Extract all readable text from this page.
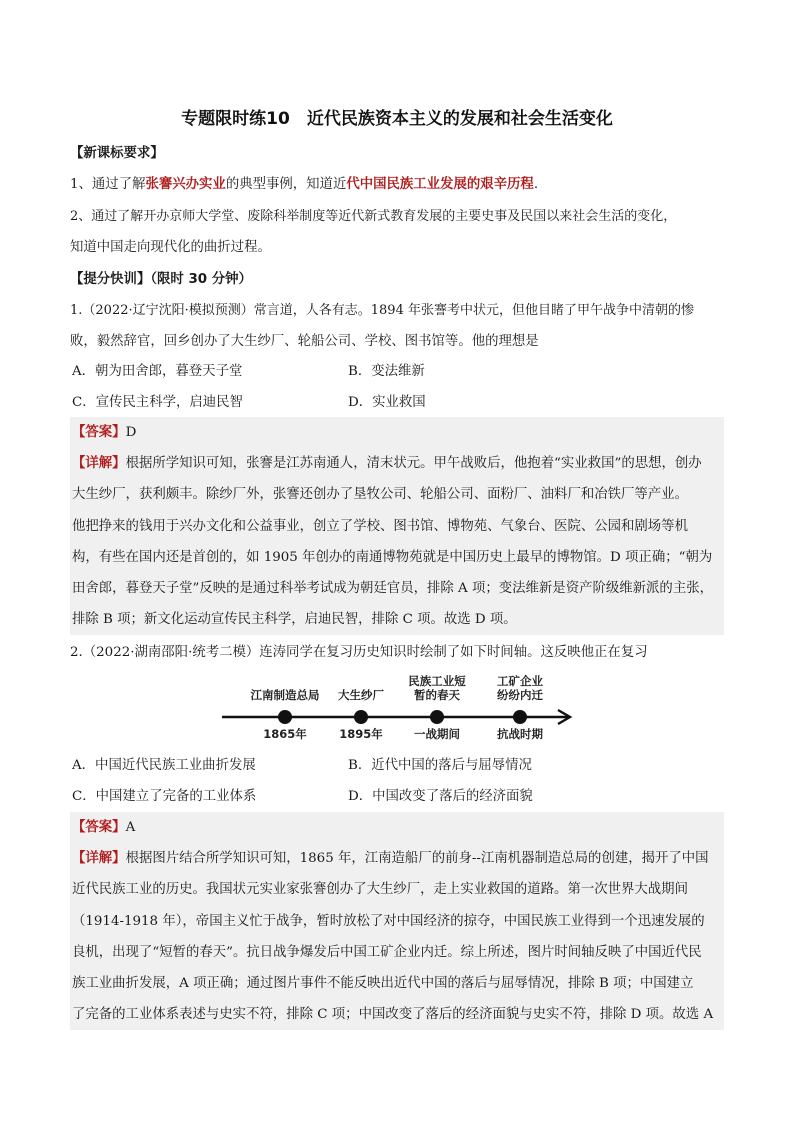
专题限时练10　近代民族资本主义的发展和社会生活变化
【新课标要求】
1、通过了解张謇兴办实业的典型事例，知道近代中国民族工业发展的艰辛历程.
2、通过了解开办京师大学堂、废除科举制度等近代新式教育发展的主要史事及民国以来社会生活的变化，
知道中国走向现代化的曲折过程。
【提分快训】（限时 30 分钟）
1.（2022·辽宁沈阳·模拟预测）常言道，人各有志。1894 年张謇考中状元，但他目睹了甲午战争中清朝的惨
败，毅然辞官，回乡创办了大生纱厂、轮船公司、学校、图书馆等。他的理想是
A．朝为田舍郎，暮登天子堂	B．变法维新
C．宣传民主科学，启迪民智	D．实业救国
【答案】D
【详解】根据所学知识可知，张謇是江苏南通人，清末状元。甲午战败后，他抱着“实业救国”的思想，创办
大生纱厂，获利颇丰。除纱厂外，张謇还创办了垦牧公司、轮船公司、面粉厂、油料厂和冶铁厂等产业。
他把挣来的钱用于兴办文化和公益事业，创立了学校、图书馆、博物苑、气象台、医院、公园和剧场等机
构，有些在国内还是首创的，如 1905 年创办的南通博物苑就是中国历史上最早的博物馆。D 项正确；“朝为
田舍郎，暮登天子堂”反映的是通过科举考试成为朝廷官员，排除 A 项；变法维新是资产阶级维新派的主张，
排除 B 项；新文化运动宣传民主科学，启迪民智，排除 C 项。故选 D 项。
2.（2022·湖南邵阳·统考二模）连涛同学在复习历史知识时绘制了如下时间轴。这反映他正在复习
江南制造总局	大生纱厂
民族工业短
暂的春天
工矿企业
纷纷内迁
1865年	1895年	一战期间	抗战时期
A．中国近代民族工业曲折发展	B．近代中国的落后与屈辱情况
C．中国建立了完备的工业体系	D．中国改变了落后的经济面貌
【答案】A
【详解】根据图片结合所学知识可知，1865 年，江南造船厂的前身--江南机器制造总局的创建，揭开了中国
近代民族工业的历史。我国状元实业家张謇创办了大生纱厂，走上实业救国的道路。第一次世界大战期间
（1914-1918 年），帝国主义忙于战争，暂时放松了对中国经济的掠夺，中国民族工业得到一个迅速发展的
良机，出现了“短暂的春天”。抗日战争爆发后中国工矿企业内迁。综上所述，图片时间轴反映了中国近代民
族工业曲折发展，A 项正确；通过图片事件不能反映出近代中国的落后与屈辱情况，排除 B 项；中国建立
了完备的工业体系表述与史实不符，排除 C 项；中国改变了落后的经济面貌与史实不符，排除 D 项。故选 A
